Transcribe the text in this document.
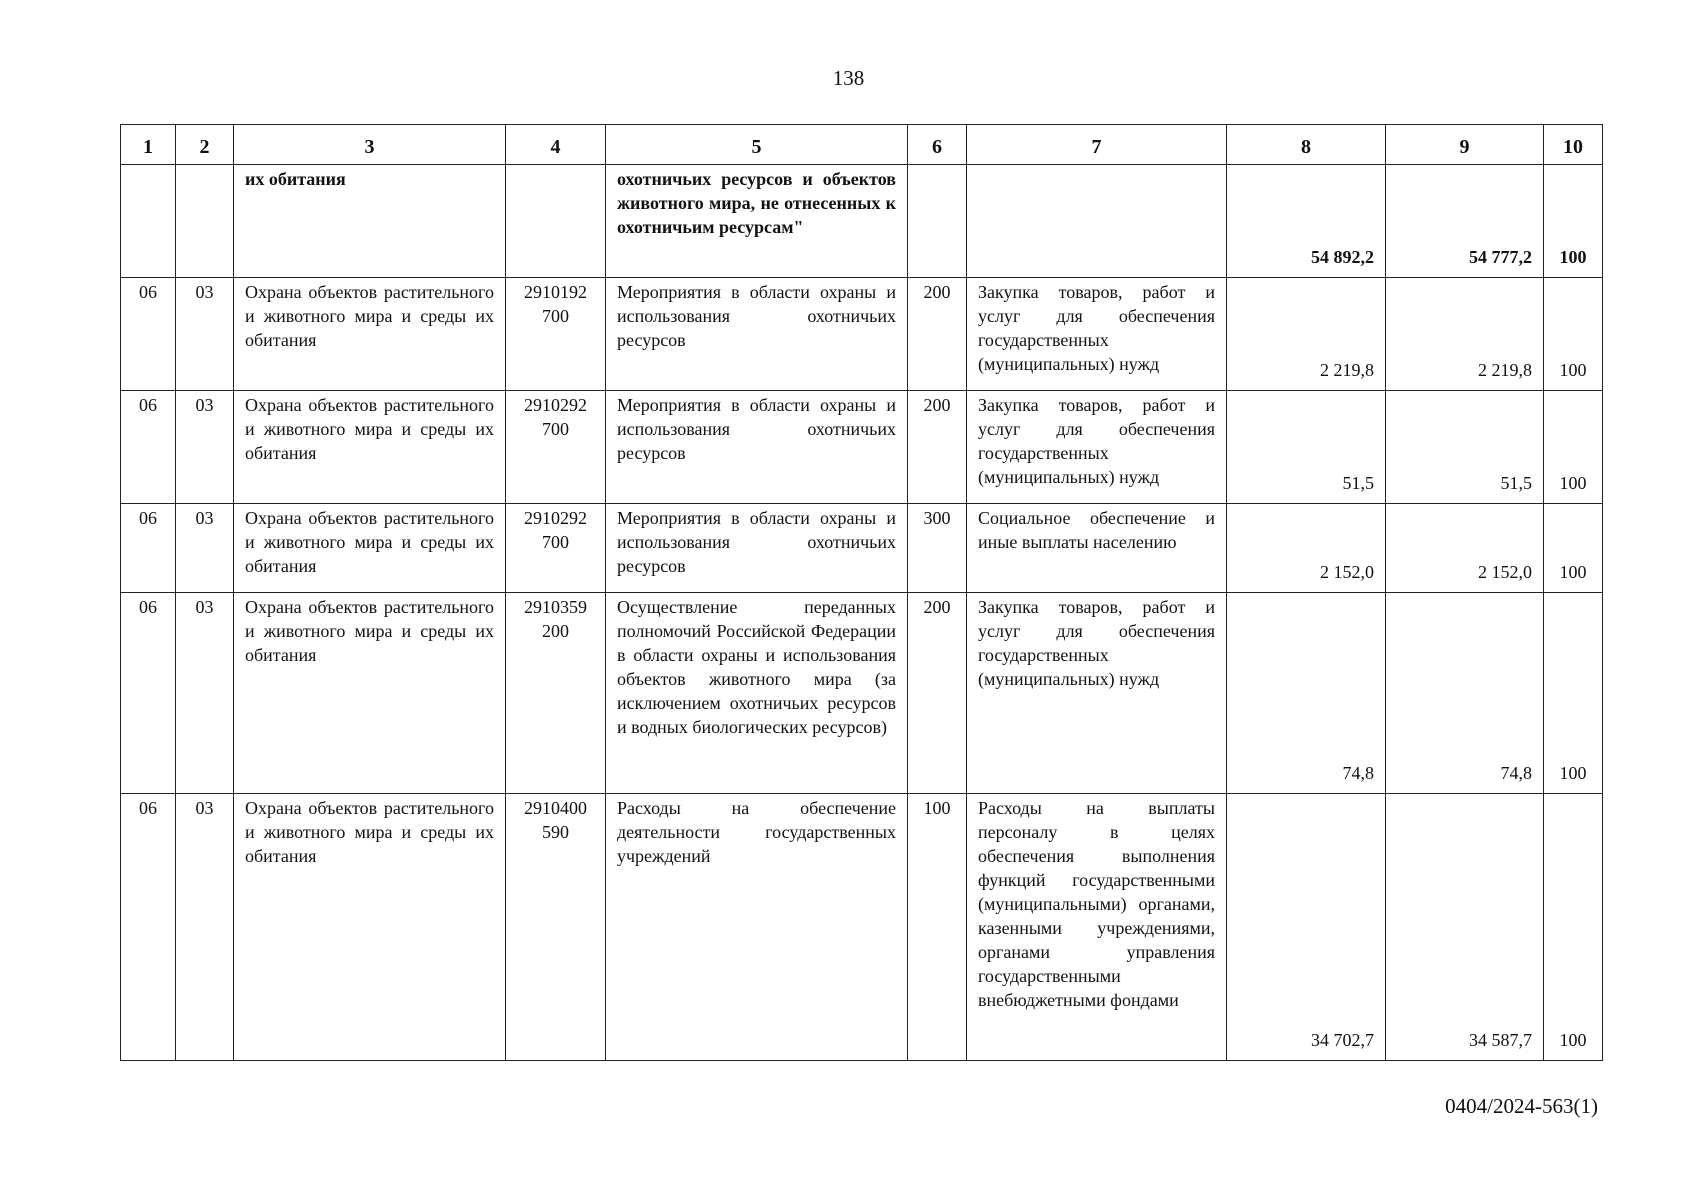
138
1	2	3	4	5	6	7	8	9	10
		их обитания		охотничьих ресурсов и объектов животного мира, не отнесенных к охотничьим ресурсам"			54 892,2	54 777,2	100
06	03	Охрана объектов растительного и животного мира и среды их обитания	2910192 700	Мероприятия в области охраны и использования охотничьих ресурсов	200	Закупка товаров, работ и услуг для обеспечения государственных (муниципальных) нужд	2 219,8	2 219,8	100
06	03	Охрана объектов растительного и животного мира и среды их обитания	2910292 700	Мероприятия в области охраны и использования охотничьих ресурсов	200	Закупка товаров, работ и услуг для обеспечения государственных (муниципальных) нужд	51,5	51,5	100
06	03	Охрана объектов растительного и животного мира и среды их обитания	2910292 700	Мероприятия в области охраны и использования охотничьих ресурсов	300	Социальное обеспечение и иные выплаты населению	2 152,0	2 152,0	100
06	03	Охрана объектов растительного и животного мира и среды их обитания	2910359 200	Осуществление переданных полномочий Российской Федерации в области охраны и использования объектов животного мира (за исключением охотничьих ресурсов и водных биологических ресурсов)	200	Закупка товаров, работ и услуг для обеспечения государственных (муниципальных) нужд	74,8	74,8	100
06	03	Охрана объектов растительного и животного мира и среды их обитания	2910400 590	Расходы на обеспечение деятельности государственных учреждений	100	Расходы на выплаты персоналу в целях обеспечения выполнения функций государственными (муниципальными) органами, казенными учреждениями, органами управления государственными внебюджетными фондами	34 702,7	34 587,7	100
0404/2024-563(1)
